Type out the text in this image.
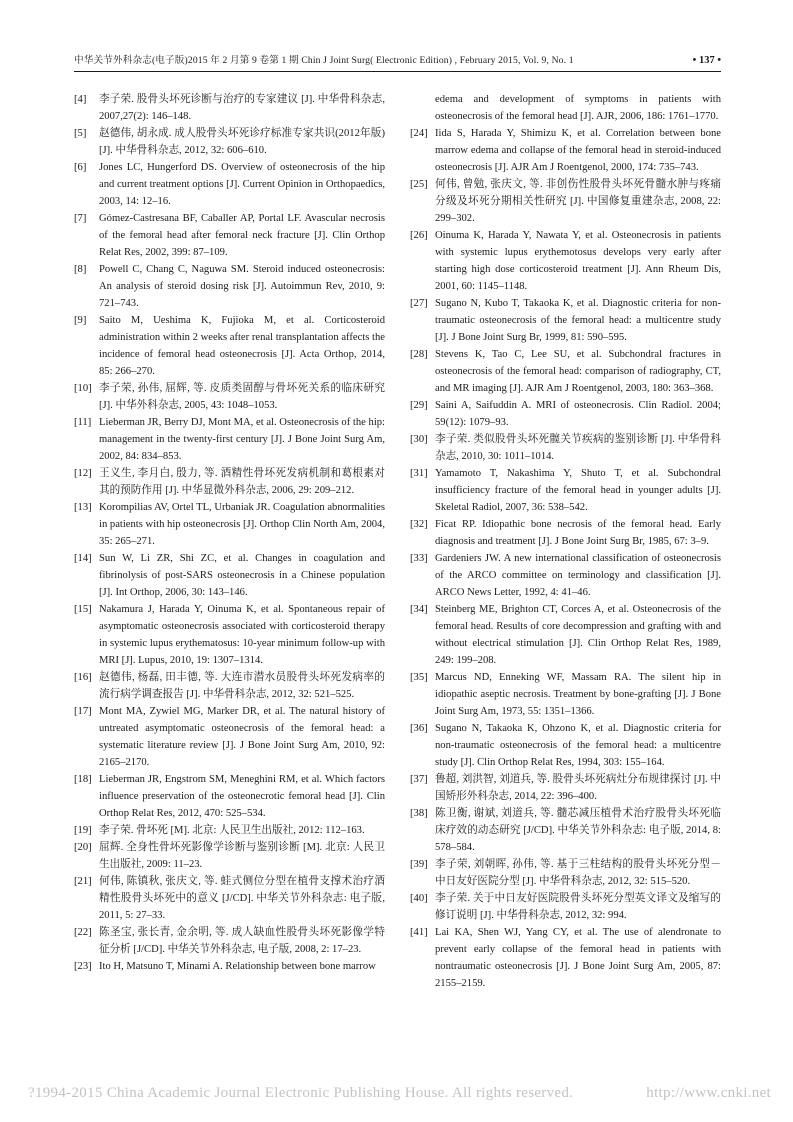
中华关节外科杂志(电子版)2015 年 2 月第 9 卷第 1 期 Chin J Joint Surg( Electronic Edition) , February 2015, Vol. 9, No. 1	• 137 •
[4] 李子荣. 股骨头坏死诊断与治疗的专家建议 [J]. 中华骨科杂志, 2007,27(2): 146–148.
[5] 赵德伟, 胡永成. 成人股骨头坏死诊疗标准专家共识(2012年版) [J]. 中华骨科杂志, 2012, 32: 606–610.
[6] Jones LC, Hungerford DS. Overview of osteonecrosis of the hip and current treatment options [J]. Current Opinion in Orthopaedics, 2003, 14: 12–16.
[7] Gómez-Castresana BF, Caballer AP, Portal LF. Avascular necrosis of the femoral head after femoral neck fracture [J]. Clin Orthop Relat Res, 2002, 399: 87–109.
[8] Powell C, Chang C, Naguwa SM. Steroid induced osteonecrosis: An analysis of steroid dosing risk [J]. Autoimmun Rev, 2010, 9: 721–743.
[9] Saito M, Ueshima K, Fujioka M, et al. Corticosteroid administration within 2 weeks after renal transplantation affects the incidence of femoral head osteonecrosis [J]. Acta Orthop, 2014, 85: 266–270.
[10] 李子荣, 孙伟, 屈辉, 等. 皮质类固醇与骨坏死关系的临床研究 [J]. 中华外科杂志, 2005, 43: 1048–1053.
[11] Lieberman JR, Berry DJ, Mont MA, et al. Osteonecrosis of the hip: management in the twenty-first century [J]. J Bone Joint Surg Am, 2002, 84: 834–853.
[12] 王义生, 李月白, 殷力, 等. 酒精性骨坏死发病机制和葛根素对其的预防作用 [J]. 中华显微外科杂志, 2006, 29: 209–212.
[13] Korompilias AV, Ortel TL, Urbaniak JR. Coagulation abnormalities in patients with hip osteonecrosis [J]. Orthop Clin North Am, 2004, 35: 265–271.
[14] Sun W, Li ZR, Shi ZC, et al. Changes in coagulation and fibrinolysis of post-SARS osteonecrosis in a Chinese population [J]. Int Orthop, 2006, 30: 143–146.
[15] Nakamura J, Harada Y, Oinuma K, et al. Spontaneous repair of asymptomatic osteonecrosis associated with corticosteroid therapy in systemic lupus erythematosus: 10-year minimum follow-up with MRI [J]. Lupus, 2010, 19: 1307–1314.
[16] 赵德伟, 杨磊, 田丰德, 等. 大连市潜水员股骨头坏死发病率的流行病学调查报告 [J]. 中华骨科杂志, 2012, 32: 521–525.
[17] Mont MA, Zywiel MG, Marker DR, et al. The natural history of untreated asymptomatic osteonecrosis of the femoral head: a systematic literature review [J]. J Bone Joint Surg Am, 2010, 92: 2165–2170.
[18] Lieberman JR, Engstrom SM, Meneghini RM, et al. Which factors influence preservation of the osteonecrotic femoral head [J]. Clin Orthop Relat Res, 2012, 470: 525–534.
[19] 李子荣. 骨坏死 [M]. 北京: 人民卫生出版社, 2012: 112–163.
[20] 屈辉. 全身性骨坏死影像学诊断与鉴别诊断 [M]. 北京: 人民卫生出版社, 2009: 11–23.
[21] 何伟, 陈镇秋, 张庆文, 等. 蛙式侧位分型在植骨支撑术治疗酒精性股骨头坏死中的意义 [J/CD]. 中华关节外科杂志: 电子版, 2011, 5: 27–33.
[22] 陈圣宝, 张长青, 金余明, 等. 成人缺血性股骨头坏死影像学特征分析 [J/CD]. 中华关节外科杂志, 电子版, 2008, 2: 17–23.
[23] Ito H, Matsuno T, Minami A. Relationship between bone marrow
edema and development of symptoms in patients with osteonecrosis of the femoral head [J]. AJR, 2006, 186: 1761–1770.
[24] Iida S, Harada Y, Shimizu K, et al. Correlation between bone marrow edema and collapse of the femoral head in steroid-induced osteonecrosis [J]. AJR Am J Roentgenol, 2000, 174: 735–743.
[25] 何伟, 曾勉, 张庆文, 等. 非创伤性股骨头坏死骨髓水肿与疼痛分级及坏死分期相关性研究 [J]. 中国修复重建杂志, 2008, 22: 299–302.
[26] Oinuma K, Harada Y, Nawata Y, et al. Osteonecrosis in patients with systemic lupus erythemotosus develops very early after starting high dose corticosteroid treatment [J]. Ann Rheum Dis, 2001, 60: 1145–1148.
[27] Sugano N, Kubo T, Takaoka K, et al. Diagnostic criteria for non-traumatic osteonecrosis of the femoral head: a multicentre study [J]. J Bone Joint Surg Br, 1999, 81: 590–595.
[28] Stevens K, Tao C, Lee SU, et al. Subchondral fractures in osteonecrosis of the femoral head: comparison of radiography, CT, and MR imaging [J]. AJR Am J Roentgenol, 2003, 180: 363–368.
[29] Saini A, Saifuddin A. MRI of osteonecrosis. Clin Radiol. 2004; 59(12): 1079–93.
[30] 李子荣. 类似股骨头坏死髋关节疾病的鉴别诊断 [J]. 中华骨科杂志, 2010, 30: 1011–1014.
[31] Yamamoto T, Nakashima Y, Shuto T, et al. Subchondral insufficiency fracture of the femoral head in younger adults [J]. Skeletal Radiol, 2007, 36: 538–542.
[32] Ficat RP. Idiopathic bone necrosis of the femoral head. Early diagnosis and treatment [J]. J Bone Joint Surg Br, 1985, 67: 3–9.
[33] Gardeniers JW. A new international classification of osteonecrosis of the ARCO committee on terminology and classification [J]. ARCO News Letter, 1992, 4: 41–46.
[34] Steinberg ME, Brighton CT, Corces A, et al. Osteonecrosis of the femoral head. Results of core decompression and grafting with and without electrical stimulation [J]. Clin Orthop Relat Res, 1989, 249: 199–208.
[35] Marcus ND, Enneking WF, Massam RA. The silent hip in idiopathic aseptic necrosis. Treatment by bone-grafting [J]. J Bone Joint Surg Am, 1973, 55: 1351–1366.
[36] Sugano N, Takaoka K, Ohzono K, et al. Diagnostic criteria for non-traumatic osteonecrosis of the femoral head: a multicentre study [J]. Clin Orthop Relat Res, 1994, 303: 155–164.
[37] 鲁超, 刘洪智, 刘道兵, 等. 股骨头坏死病灶分布规律探讨 [J]. 中国矫形外科杂志, 2014, 22: 396–400.
[38] 陈卫衡, 谢斌, 刘道兵, 等. 髓芯减压植骨术治疗股骨头坏死临床疗效的动态研究 [J/CD]. 中华关节外科杂志: 电子版, 2014, 8: 578–584.
[39] 李子荣, 刘朝晖, 孙伟, 等. 基于三柱结构的股骨头坏死分型－中日友好医院分型 [J]. 中华骨科杂志, 2012, 32: 515–520.
[40] 李子荣. 关于中日友好医院股骨头坏死分型英文译文及缩写的修订说明 [J]. 中华骨科杂志, 2012, 32: 994.
[41] Lai KA, Shen WJ, Yang CY, et al. The use of alendronate to prevent early collapse of the femoral head in patients with nontraumatic osteonecrosis [J]. J Bone Joint Surg Am, 2005, 87: 2155–2159.
?1994-2015 China Academic Journal Electronic Publishing House. All rights reserved.	http://www.cnki.net
